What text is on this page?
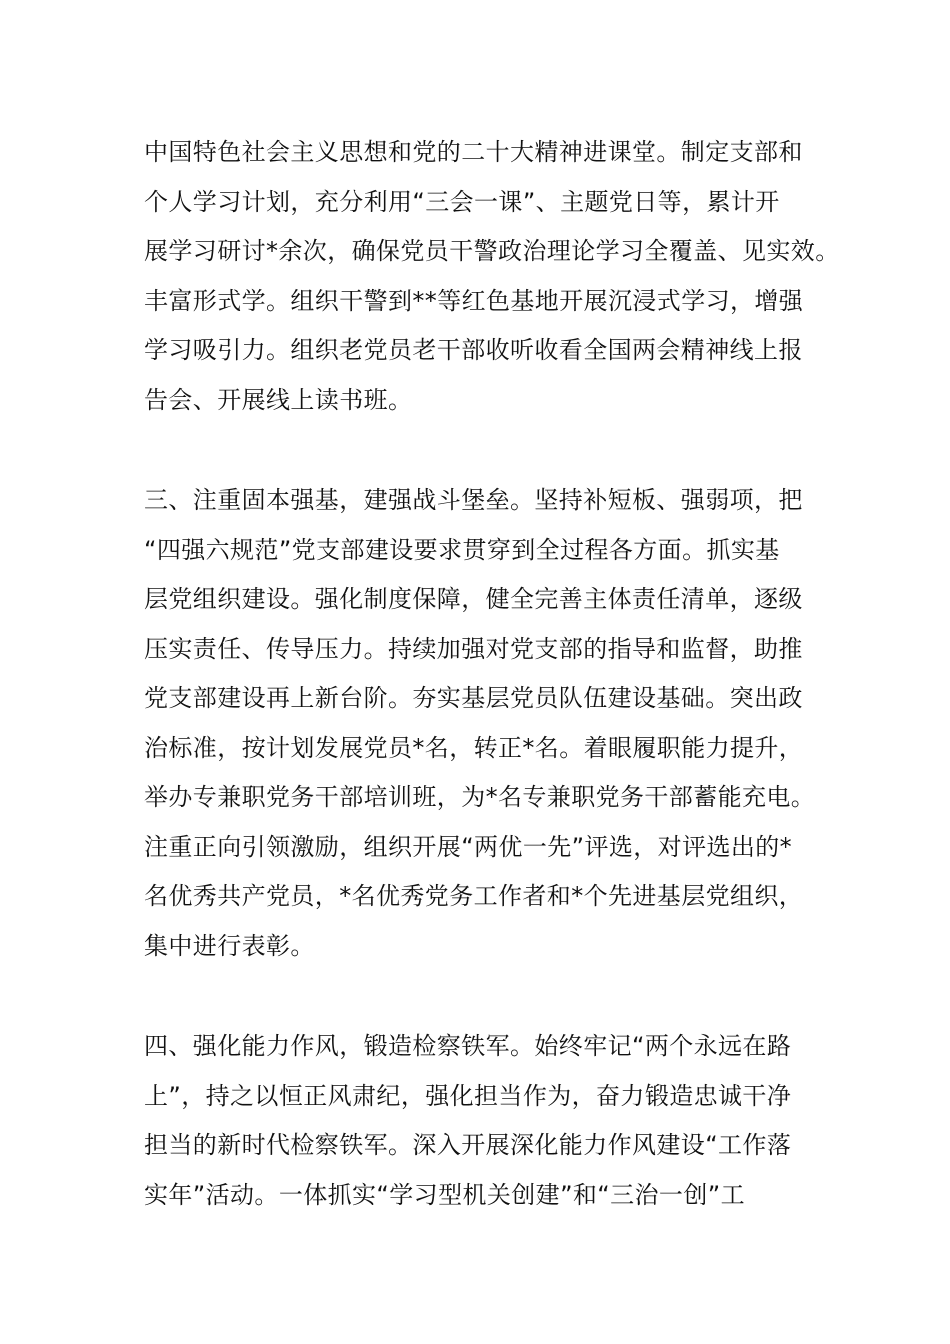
中国特色社会主义思想和党的二十大精神进课堂。制定支部和
个人学习计划，充分利用“三会一课”、主题党日等，累计开
展学习研讨*余次，确保党员干警政治理论学习全覆盖、见实效。
丰富形式学。组织干警到**等红色基地开展沉浸式学习，增强
学习吸引力。组织老党员老干部收听收看全国两会精神线上报
告会、开展线上读书班。

三、注重固本强基，建强战斗堡垒。坚持补短板、强弱项，把
“四强六规范”党支部建设要求贯穿到全过程各方面。抓实基
层党组织建设。强化制度保障，健全完善主体责任清单，逐级
压实责任、传导压力。持续加强对党支部的指导和监督，助推
党支部建设再上新台阶。夯实基层党员队伍建设基础。突出政
治标准，按计划发展党员*名，转正*名。着眼履职能力提升，
举办专兼职党务干部培训班，为*名专兼职党务干部蓄能充电。
注重正向引领激励，组织开展“两优一先”评选，对评选出的*
名优秀共产党员，*名优秀党务工作者和*个先进基层党组织，
集中进行表彰。

四、强化能力作风，锻造检察铁军。始终牢记“两个永远在路
上”，持之以恒正风肃纪，强化担当作为，奋力锻造忠诚干净
担当的新时代检察铁军。深入开展深化能力作风建设“工作落
实年”活动。一体抓实“学习型机关创建”和“三治一创”工
